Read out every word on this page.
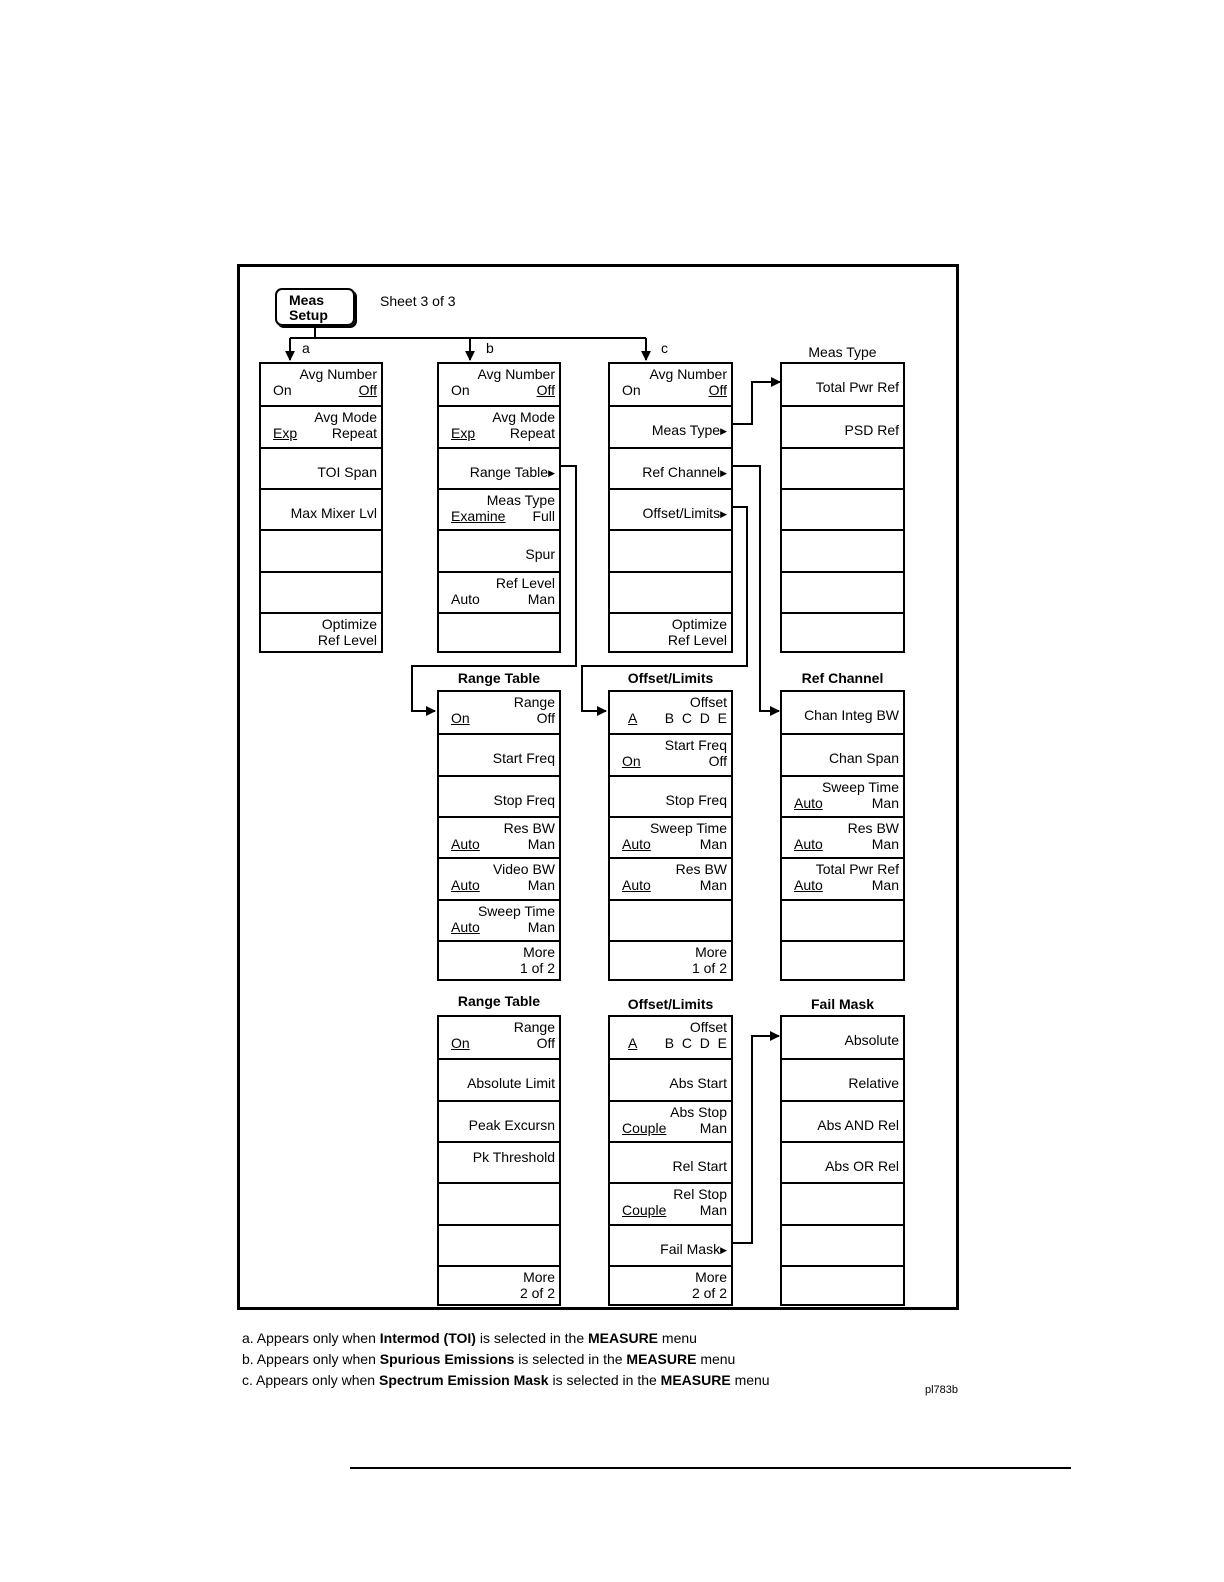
Meas
Setup
Sheet 3 of 3
a	b	c
Avg Number
On	Off
Avg Mode
Exp Repeat
TOI Span
Max Mixer Lvl
Optimize
Ref Level
Avg Number
On	Off
Avg Mode
Exp Repeat
Range Table▶
Meas Type
Examine Full
Spur
Ref Level
Auto	Man
Avg Number
On	Off
Meas Type▶
Ref Channel▶
Offset/Limits▶
Optimize
Ref Level
Meas Type
Total Pwr Ref
PSD Ref
Range Table
Range
On	Off
Start Freq
Stop Freq
Res BW
Auto	Man
Video BW
Auto	Man
Sweep Time
Auto	Man
More
1 of 2
Offset/Limits
Offset
A B  C  D  E
Start Freq
On	Off
Stop Freq
Sweep Time
Auto	Man
Res BW
Auto	Man
More
1 of 2
Ref Channel
Chan Integ BW
Chan Span
Sweep Time
Auto	Man
Res BW
Auto	Man
Total Pwr Ref
Auto	Man
Range Table
Range
On	Off
Absolute Limit
Peak Excursn
Pk Threshold
More
2 of 2
Offset/Limits
Offset
A B  C  D  E
Abs Start
Abs Stop
Couple Man
Rel Start
Rel Stop
Couple Man
Fail Mask▶
More
2 of 2
Fail Mask
Absolute
Relative
Abs AND Rel
Abs OR Rel
a. Appears only when Intermod (TOI) is selected in the MEASURE menu
b. Appears only when Spurious Emissions is selected in the MEASURE menu
c. Appears only when Spectrum Emission Mask is selected in the MEASURE menu
pl783b
